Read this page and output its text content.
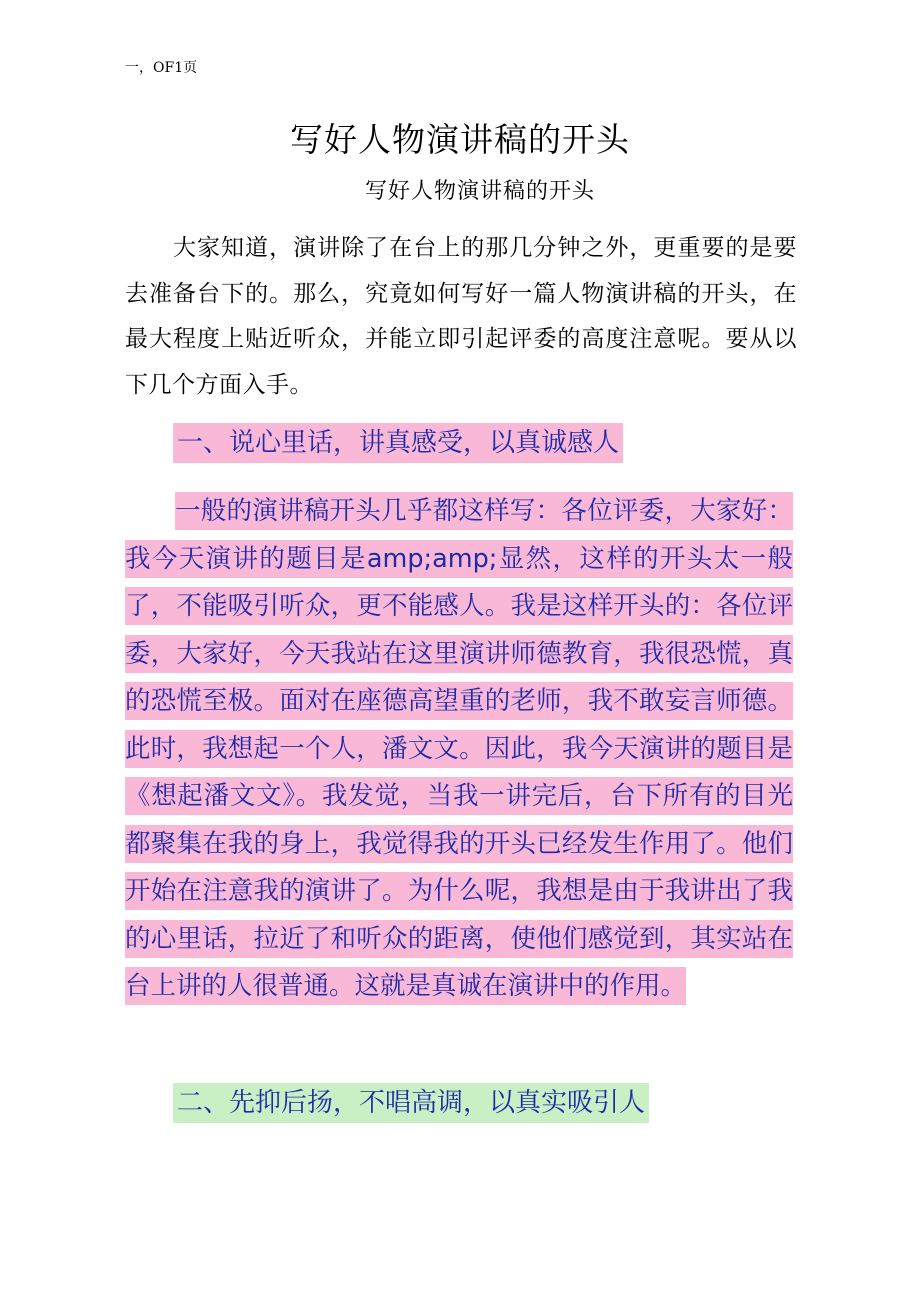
一，OF1页
写好人物演讲稿的开头
写好人物演讲稿的开头

大家知道，演讲除了在台上的那几分钟之外，更重要的是要去准备台下的。那么，究竟如何写好一篇人物演讲稿的开头，在最大程度上贴近听众，并能立即引起评委的高度注意呢。要从以下几个方面入手。

一、说心里话，讲真感受，以真诚感人

一般的演讲稿开头几乎都这样写：各位评委，大家好：我今天演讲的题目是amp;amp;显然，这样的开头太一般了，不能吸引听众，更不能感人。我是这样开头的：各位评委，大家好，今天我站在这里演讲师德教育，我很恐慌，真的恐慌至极。面对在座德高望重的老师，我不敢妄言师德。此时，我想起一个人，潘文文。因此，我今天演讲的题目是《想起潘文文》。我发觉，当我一讲完后，台下所有的目光都聚集在我的身上，我觉得我的开头已经发生作用了。他们开始在注意我的演讲了。为什么呢，我想是由于我讲出了我的心里话，拉近了和听众的距离，使他们感觉到，其实站在台上讲的人很普通。这就是真诚在演讲中的作用。

二、先抑后扬，不唱高调，以真实吸引人
